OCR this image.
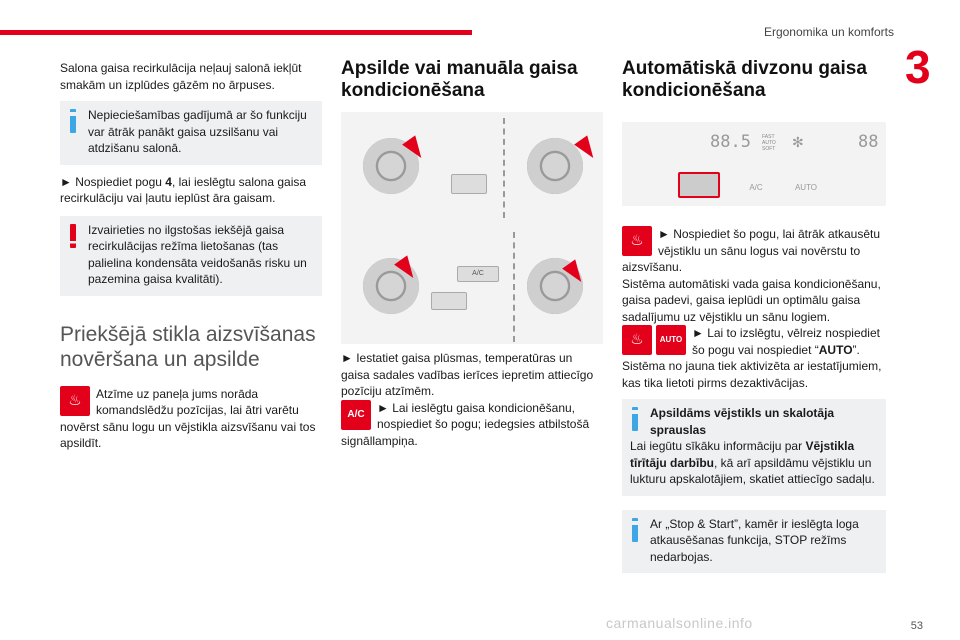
Ergonomika un komforts
3

Salona gaisa recirkulācija neļauj salonā iekļūt smakām un izplūdes gāzēm no ārpuses.

Nepieciešamības gadījumā ar šo funkciju var ātrāk panākt gaisa uzsilšanu vai atdzišanu salonā.

► Nospiediet pogu 4, lai ieslēgtu salona gaisa recirkulāciju vai ļautu ieplūst āra gaisam.

Izvairieties no ilgstošas iekšējā gaisa recirkulācijas režīma lietošanas (tas palielina kondensāta veidošanās risku un pazemina gaisa kvalitāti).

Priekšējā stikla aizsvīšanas novēršana un apsilde
♨	Atzīme uz paneļa jums norāda komandslēdžu pozīcijas, lai ātri varētu novērst sānu logu un vējstikla aizsvīšanu vai tos apsildīt.

Apsilde vai manuāla gaisa kondicionēšana
A/C

► Iestatiet gaisa plūsmas, temperatūras un gaisa sadales vadības ierīces iepretim attiecīgo pozīciju atzīmēm.

A/C	► Lai ieslēgtu gaisa kondicionēšanu, nospiediet šo pogu; iedegsies atbilstošā signāllampiņa.

Automātiskā divzonu gaisa kondicionēšana
88.5 FAST AUTO SOFT	✻	88
A/C	AUTO
♨	► Nospiediet šo pogu, lai ātrāk atkausētu vējstiklu un sānu logus vai novērstu to aizsvīšanu.

Sistēma automātiski vada gaisa kondicionēšanu, gaisa padevi, gaisa ieplūdi un optimālu gaisa sadalījumu uz vējstiklu un sānu logiem.

♨	AUTO ► Lai to izslēgtu, vēlreiz nospiediet šo pogu vai nospiediet “AUTO”.

Sistēma no jauna tiek aktivizēta ar iestatījumiem, kas tika lietoti pirms dezaktivācijas.

Apsildāms vējstikls un skalotāja sprauslas

Lai iegūtu sīkāku informāciju par Vējstikla tīrītāju darbību, kā arī apsildāmu vējstiklu un lukturu apskalotājiem, skatiet attiecīgo sadaļu.

Ar „Stop & Start”, kamēr ir ieslēgta loga atkausēšanas funkcija, STOP režīms nedarbojas.

53
carmanualsonline.info
